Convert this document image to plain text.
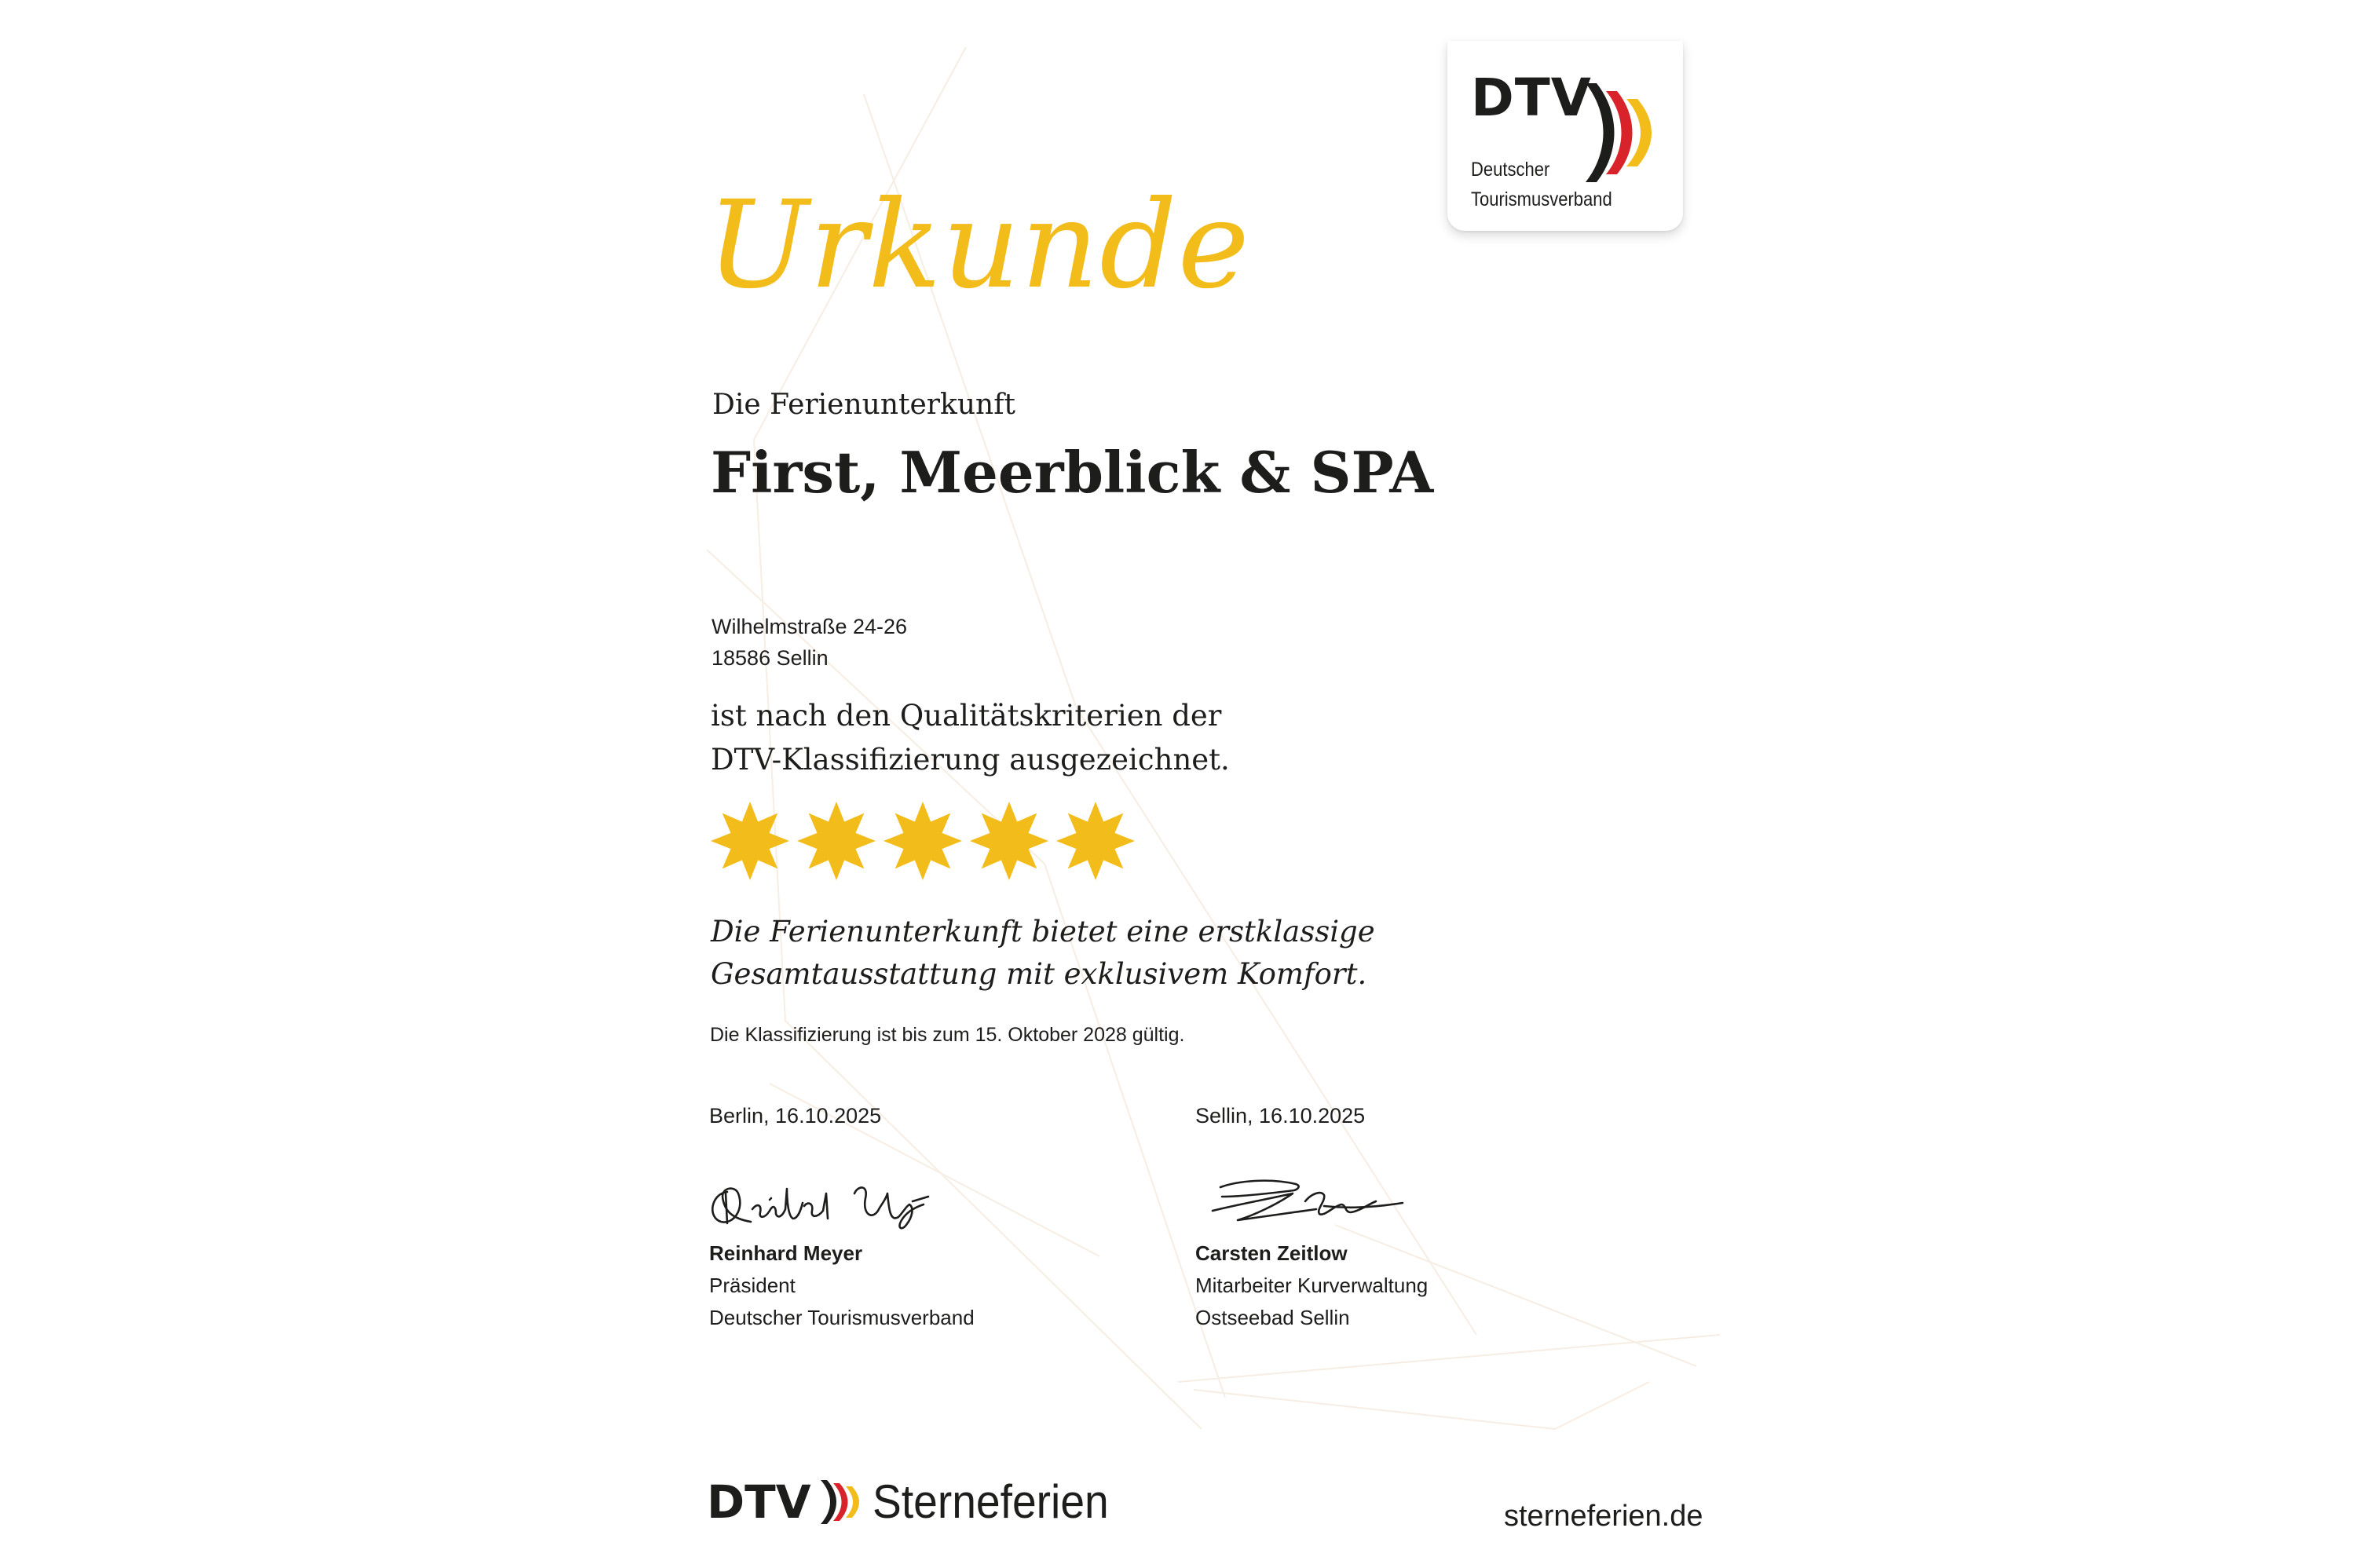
DTV
Deutscher
Tourismusverband
Urkunde
Die Ferienunterkunft
First, Meerblick & SPA
Wilhelmstraße 24-26
18586 Sellin
ist nach den Qualitätskriterien der
DTV-Klassifizierung ausgezeichnet.
Die Ferienunterkunft bietet eine erstklassige
Gesamtausstattung mit exklusivem Komfort.
Die Klassifizierung ist bis zum 15. Oktober 2028 gültig.
Berlin, 16.10.2025	Sellin, 16.10.2025
Reinhard Meyer
Präsident
Deutscher Tourismusverband
Carsten Zeitlow
Mitarbeiter Kurverwaltung
Ostseebad Sellin
DTV Sterneferien	sterneferien.de
